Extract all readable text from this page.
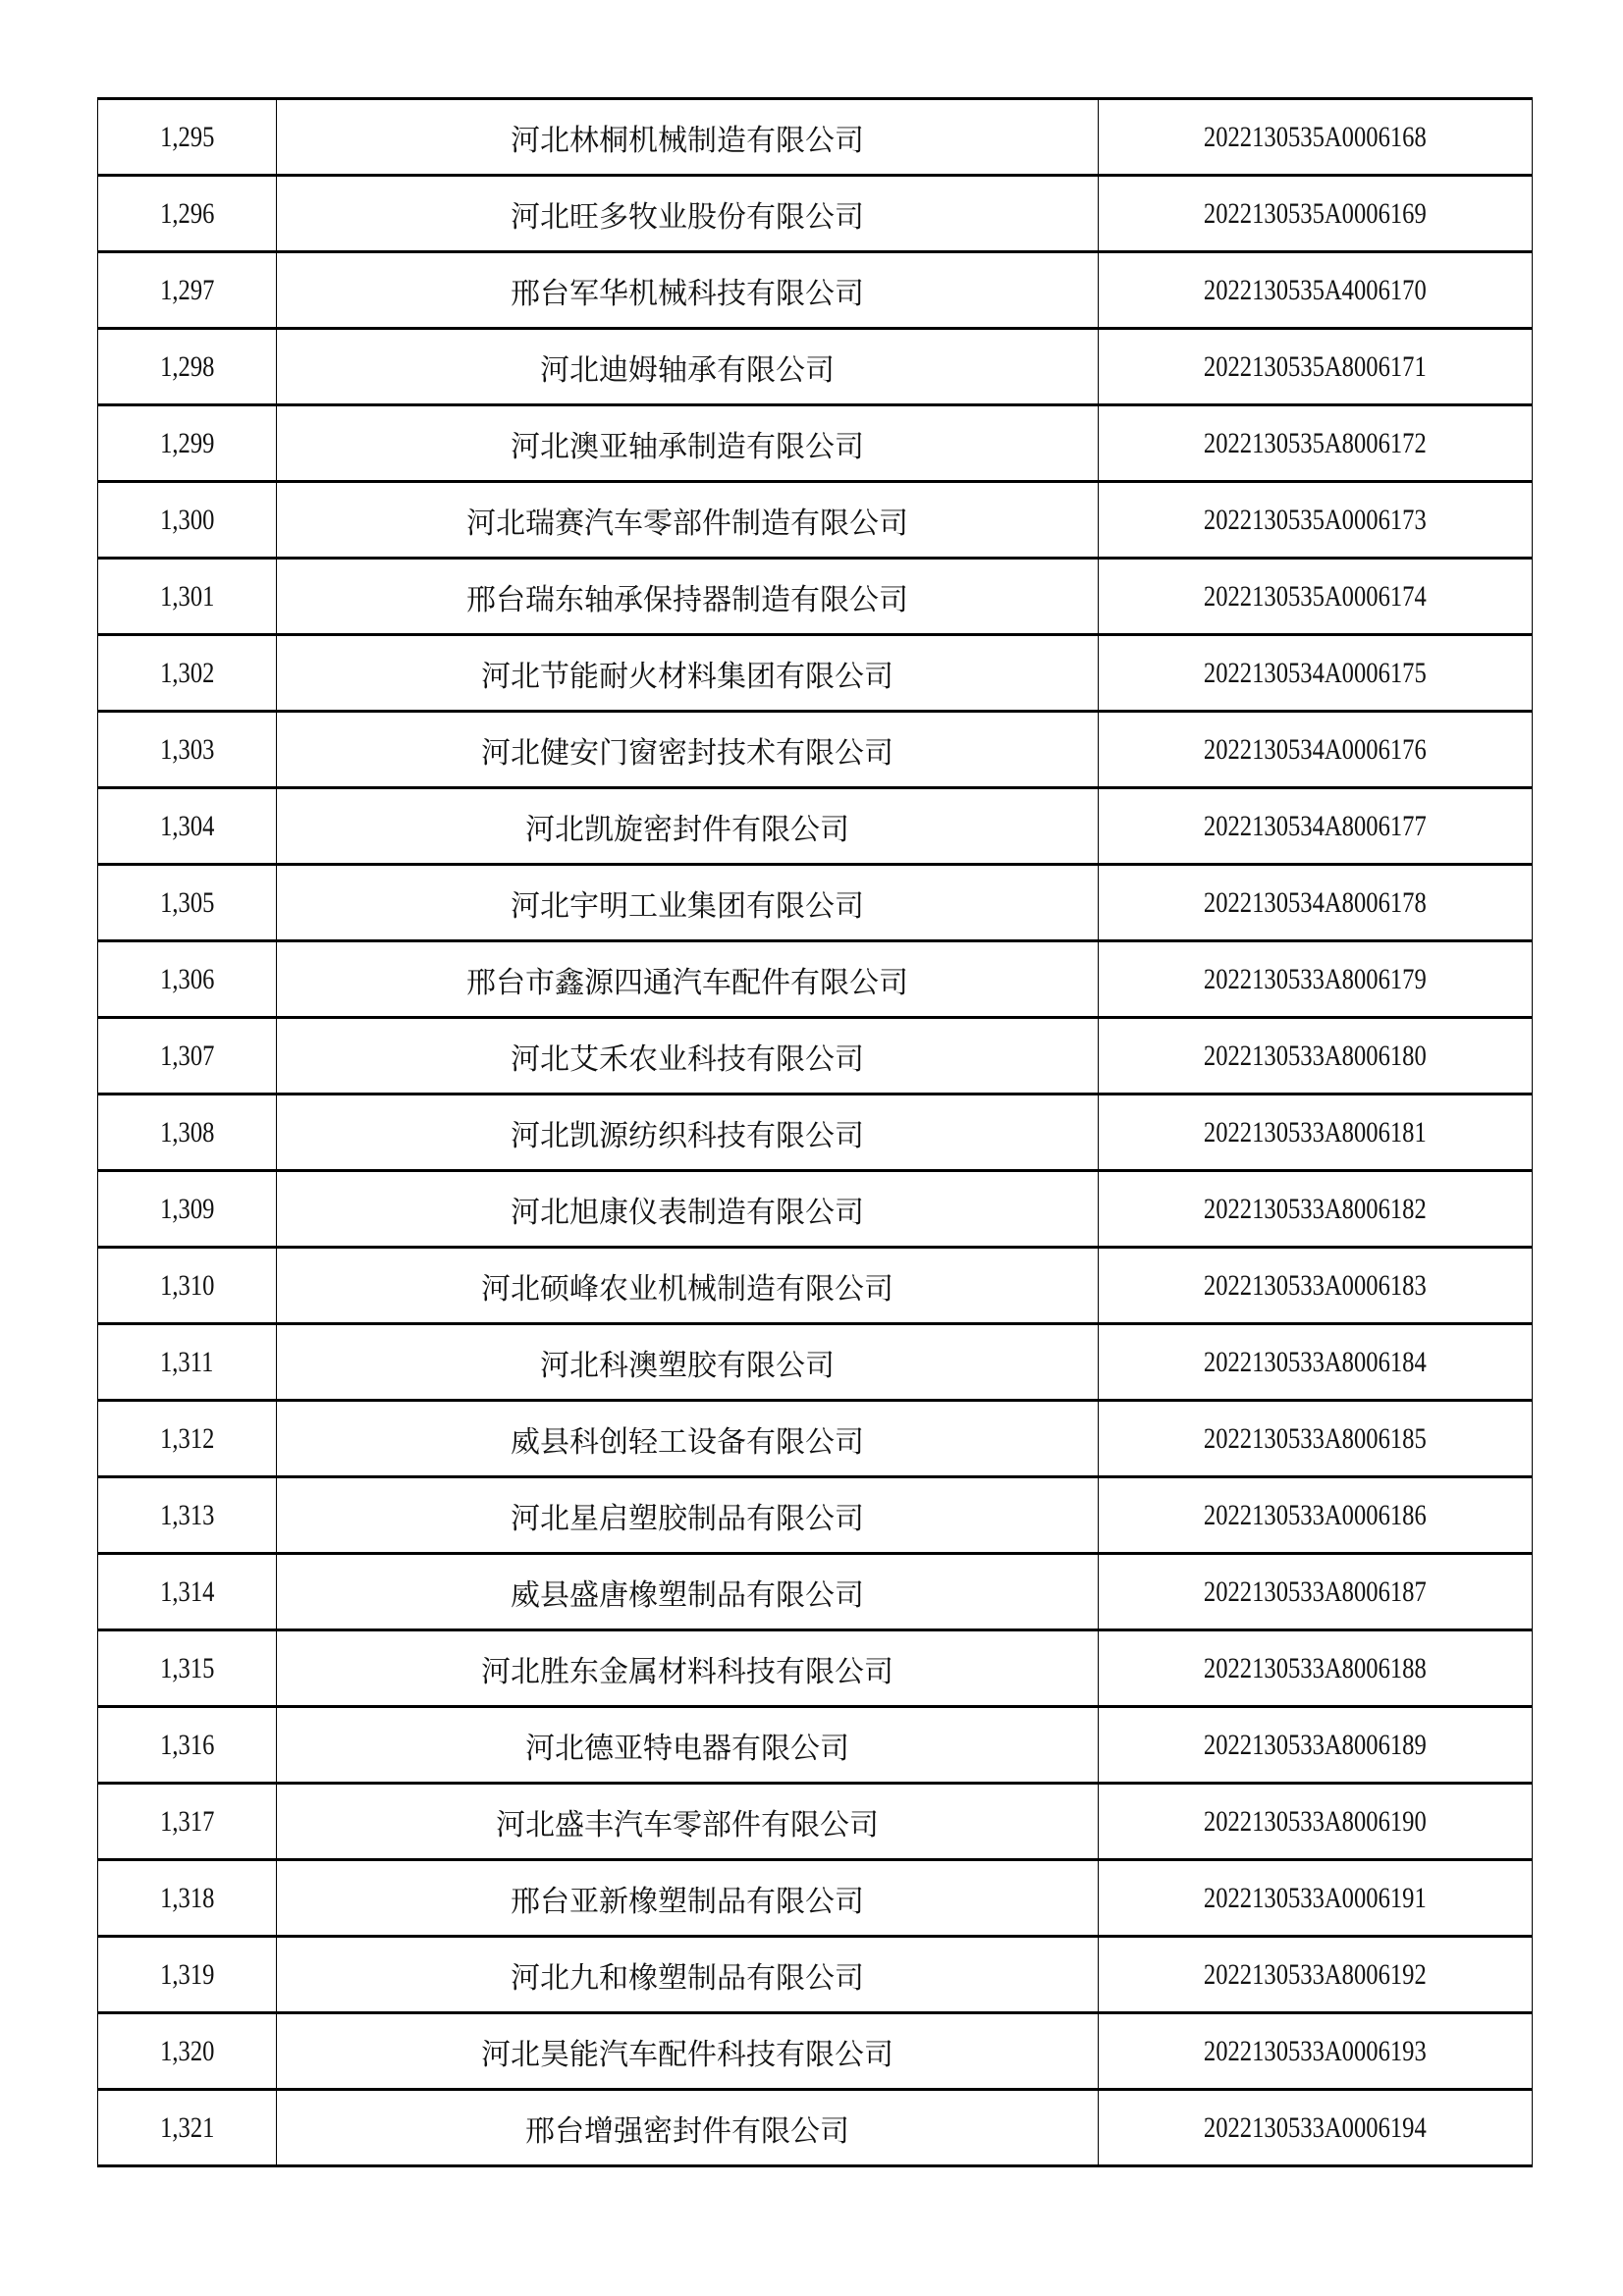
1,295	河北林桐机械制造有限公司	2022130535A0006168
1,296	河北旺多牧业股份有限公司	2022130535A0006169
1,297	邢台军华机械科技有限公司	2022130535A4006170
1,298	河北迪姆轴承有限公司	2022130535A8006171
1,299	河北澳亚轴承制造有限公司	2022130535A8006172
1,300	河北瑞赛汽车零部件制造有限公司	2022130535A0006173
1,301	邢台瑞东轴承保持器制造有限公司	2022130535A0006174
1,302	河北节能耐火材料集团有限公司	2022130534A0006175
1,303	河北健安门窗密封技术有限公司	2022130534A0006176
1,304	河北凯旋密封件有限公司	2022130534A8006177
1,305	河北宇明工业集团有限公司	2022130534A8006178
1,306	邢台市鑫源四通汽车配件有限公司	2022130533A8006179
1,307	河北艾禾农业科技有限公司	2022130533A8006180
1,308	河北凯源纺织科技有限公司	2022130533A8006181
1,309	河北旭康仪表制造有限公司	2022130533A8006182
1,310	河北硕峰农业机械制造有限公司	2022130533A0006183
1,311	河北科澳塑胶有限公司	2022130533A8006184
1,312	威县科创轻工设备有限公司	2022130533A8006185
1,313	河北星启塑胶制品有限公司	2022130533A0006186
1,314	威县盛唐橡塑制品有限公司	2022130533A8006187
1,315	河北胜东金属材料科技有限公司	2022130533A8006188
1,316	河北德亚特电器有限公司	2022130533A8006189
1,317	河北盛丰汽车零部件有限公司	2022130533A8006190
1,318	邢台亚新橡塑制品有限公司	2022130533A0006191
1,319	河北九和橡塑制品有限公司	2022130533A8006192
1,320	河北昊能汽车配件科技有限公司	2022130533A0006193
1,321	邢台增强密封件有限公司	2022130533A0006194
